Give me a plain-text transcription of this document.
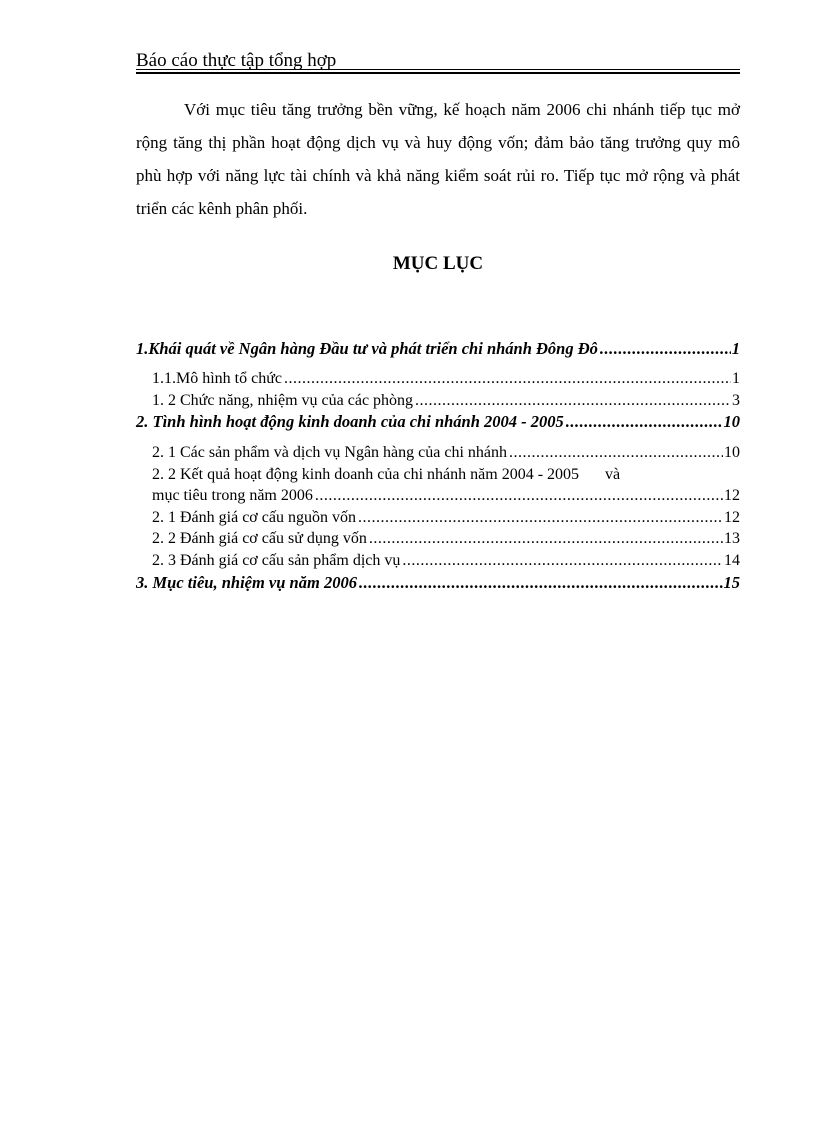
Báo cáo thực tập tổng hợp

Với mục tiêu tăng trưởng bền vững, kế hoạch năm 2006 chi nhánh tiếp tục mở rộng tăng thị phần hoạt động dịch vụ và huy động vốn; đảm bảo tăng trưởng quy mô phù hợp với năng lực tài chính và khả năng kiểm soát rủi ro. Tiếp tục mở rộng và phát triển các kênh phân phối.

MỤC LỤC
1.Khái quát về Ngân hàng Đầu tư và phát triển chi nhánh Đông Đô .....	1
1.1.Mô hình tổ chức .....	1
1. 2 Chức năng, nhiệm vụ của các phòng .....	3
2. Tình hình hoạt động kinh doanh của chi nhánh 2004 - 2005 .....	10
2. 1 Các sản phẩm và dịch vụ Ngân hàng của chi nhánh .....	10
2. 2 Kết quả hoạt động kinh doanh của chi nhánh năm 2004 - 2005 và
mục tiêu trong năm 2006 .....	12
2. 1 Đánh giá cơ cấu nguồn vốn .....	12
2. 2 Đánh giá cơ cấu sử dụng vốn .....	13
2. 3 Đánh giá cơ cấu sản phẩm dịch vụ .....	14
3. Mục tiêu, nhiệm vụ năm 2006 .....	15
